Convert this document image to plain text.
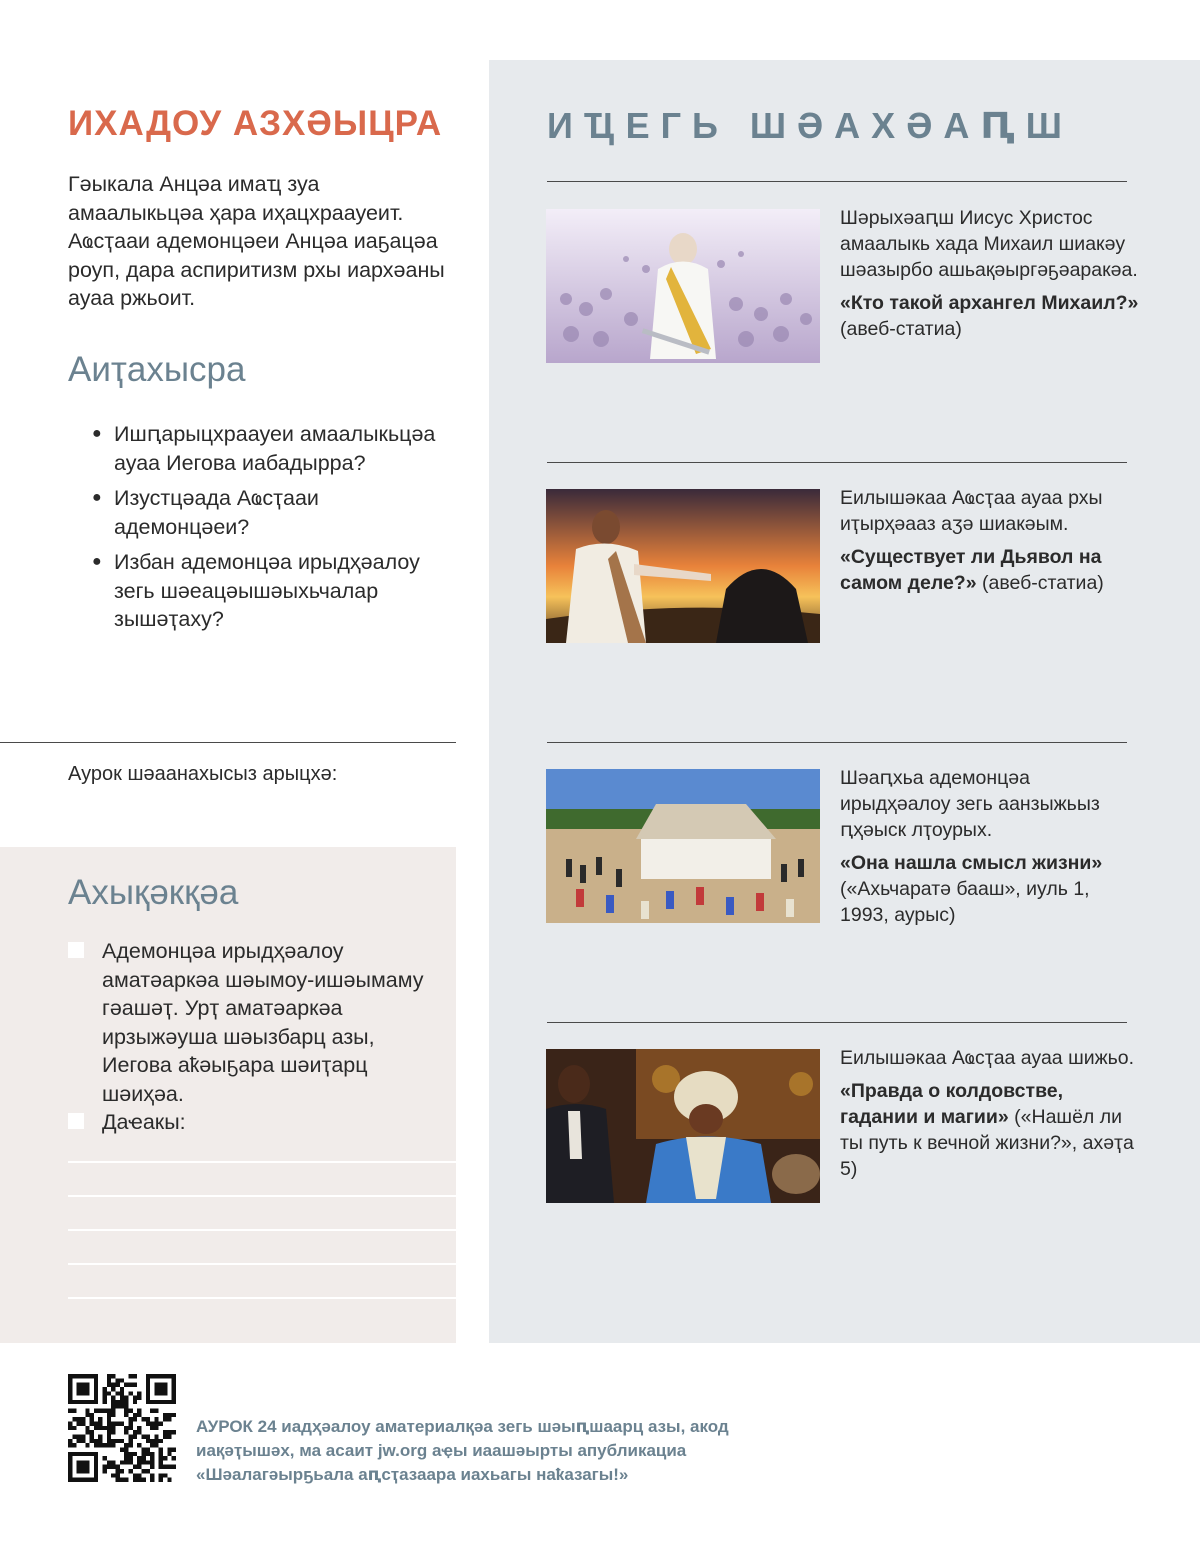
ИХАДОУ АЗХӘЫЦРА

Гәыкала Анцәа имаҵ зуа амаалыкьцәа ҳара иҳацхраауеит. Аҩсҭааи адемонцәеи Анцәа иаҕацәа роуп, дара аспиритизм рхы иархәаны ауаа ржьоит.

Аиҭахысра
● Ишԥарыцхраауеи амаалыкьцәа ауаа Иегова иабадырра?
● Изустцәада Аҩсҭааи адемонцәеи?
● Избан адемонцәа ирыдҳәалоу зегь шәеацәышәыхьчалар зышәҭаху?
Аурок шәаанахысыз арыцхә:
Ахықәкқәа
Адемонцәа ирыдҳәалоу аматәаркәа шәымоу-ишәымаму гәашәҭ. Урҭ аматәаркәа ирзыжәуша шәызбарц азы, Иегова аҟәыҕара шәиҭарц шәиҳәа.
Даҽакы:
ИҴЕГЬ ШӘАХӘАԤШ
Шәрыхәаԥш Иисус Христос амаалыкь хада Михаил шиакәу шәазырбо ашьақәыргәҕәаракәа.
«Кто такой архангел Михаил?» (авеб-статиа)
Еилышәкаа Аҩсҭаа ауаа рхы иҭырҳәааз аӡә шиакәым.
«Существует ли Дьявол на самом деле?» (авеб-статиа)
Шәаԥхьа адемонцәа ирыдҳәалоу зегь аанзыжьыз ԥҳәыск лҭоурых.
«Она нашла смысл жизни» («Ахьчаратә бааш», иуль 1, 1993, аурыс)
Еилышәкаа Аҩсҭаа ауаа шижьо.
«Правда о колдовстве, гадании и магии» («Нашёл ли ты путь к вечной жизни?», ахәҭа 5)
АУРОК 24 иадҳәалоу аматериалқәа зегь шәыԥшаарц азы, акод иақәҭышәх, ма асаит jw.org аҿы иаашәырты апубликациа «Шәалагәырҕьала аԥсҭазаара иахьагы наҟазагы!»
